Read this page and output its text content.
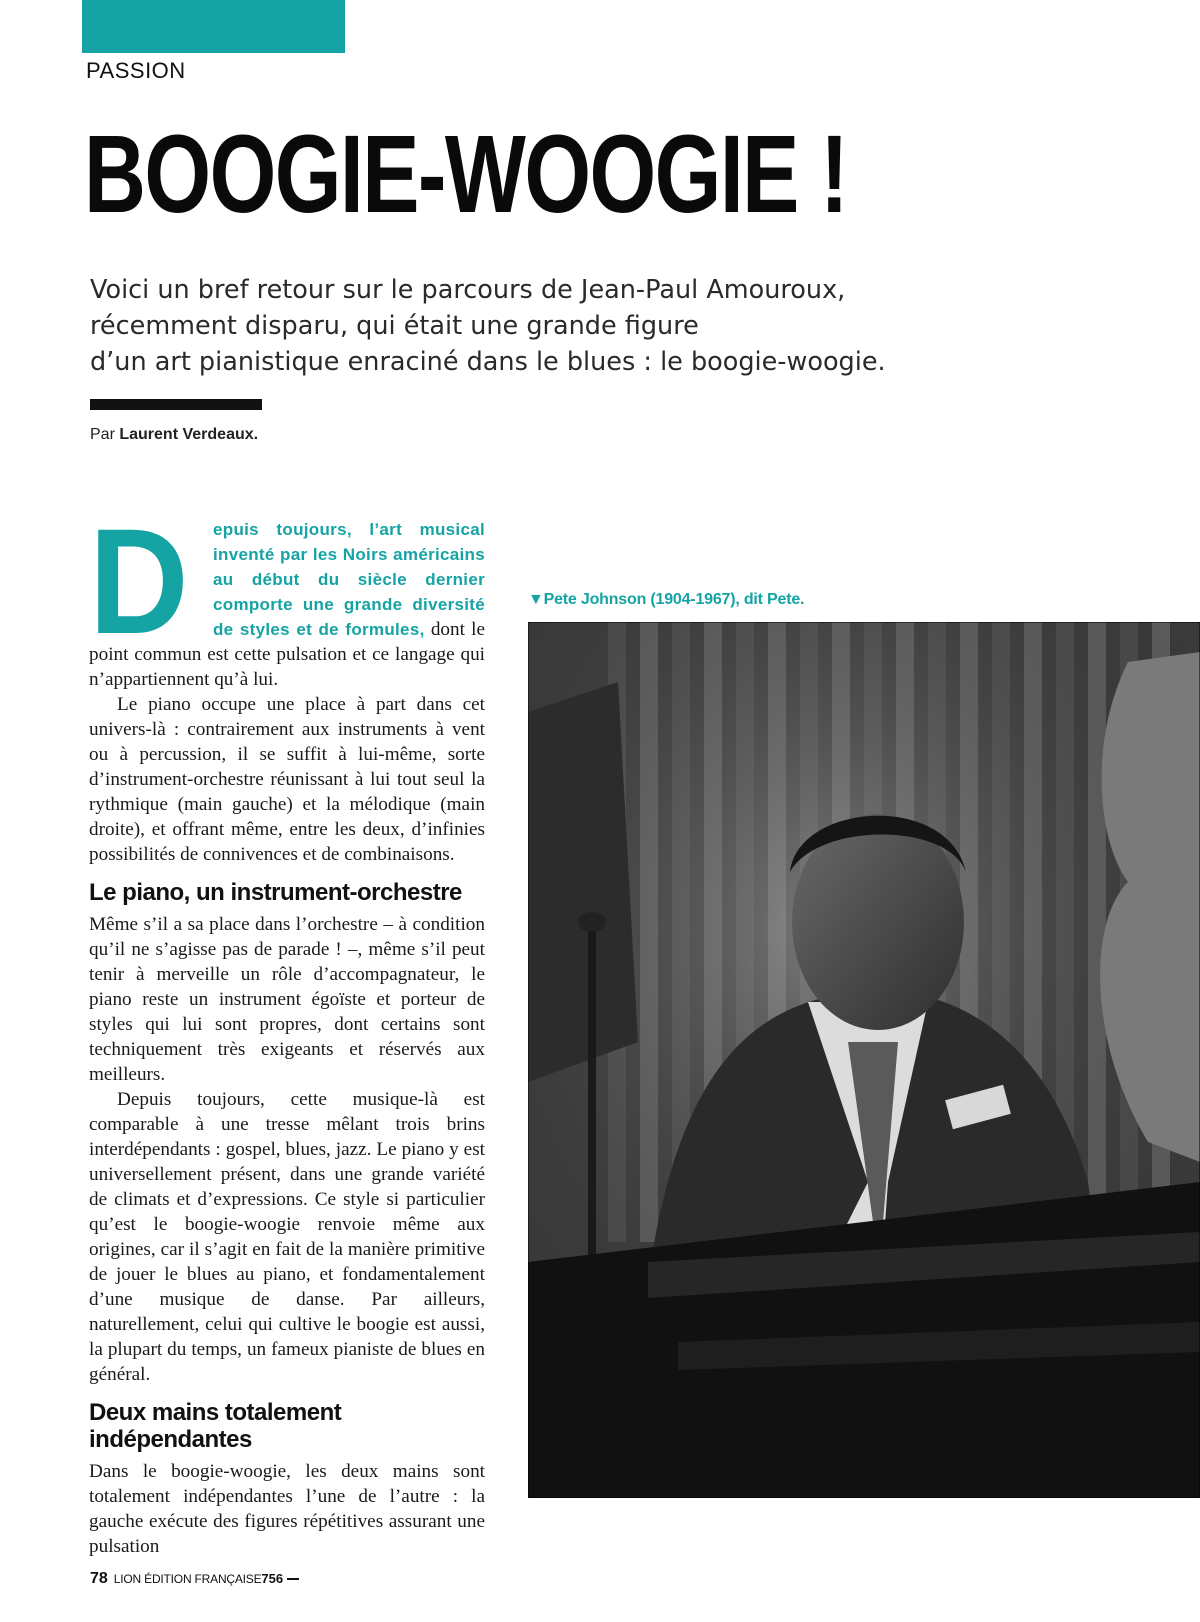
PASSION
BOOGIE-WOOGIE !
Voici un bref retour sur le parcours de Jean-Paul Amouroux,
récemment disparu, qui était une grande figure
d’un art pianistique enraciné dans le blues : le boogie-woogie.
Par Laurent Verdeaux.
D	epuis toujours, l’art musical inventé par les Noirs américains au début du siècle dernier comporte une grande diversité de styles et de formules, dont le point commun est cette pulsation et ce langage qui n’appartiennent qu’à lui.

Le piano occupe une place à part dans cet univers-là : contrairement aux instruments à vent ou à percussion, il se suffit à lui-même, sorte d’instrument-orchestre réunissant à lui tout seul la rythmique (main gauche) et la mélodique (main droite), et offrant même, entre les deux, d’infinies possibilités de connivences et de combinaisons.

Le piano, un instrument-orchestre

Même s’il a sa place dans l’orchestre – à condition qu’il ne s’agisse pas de parade ! –, même s’il peut tenir à merveille un rôle d’accompagnateur, le piano reste un instrument égoïste et porteur de styles qui lui sont propres, dont certains sont techniquement très exigeants et réservés aux meilleurs.

Depuis toujours, cette musique-là est comparable à une tresse mêlant trois brins interdépendants : gospel, blues, jazz. Le piano y est universellement présent, dans une grande variété de climats et d’expressions. Ce style si particulier qu’est le boogie-woogie renvoie même aux origines, car il s’agit en fait de la manière primitive de jouer le blues au piano, et fondamentalement d’une musique de danse. Par ailleurs, naturellement, celui qui cultive le boogie est aussi, la plupart du temps, un fameux pianiste de blues en général.

Deux mains totalement indépendantes

Dans le boogie-woogie, les deux mains sont totalement indépendantes l’une de l’autre : la gauche exécute des figures répétitives assurant une pulsation

▼Pete Johnson (1904-1967), dit Pete.
78 LION ÉDITION FRANÇAISE756
